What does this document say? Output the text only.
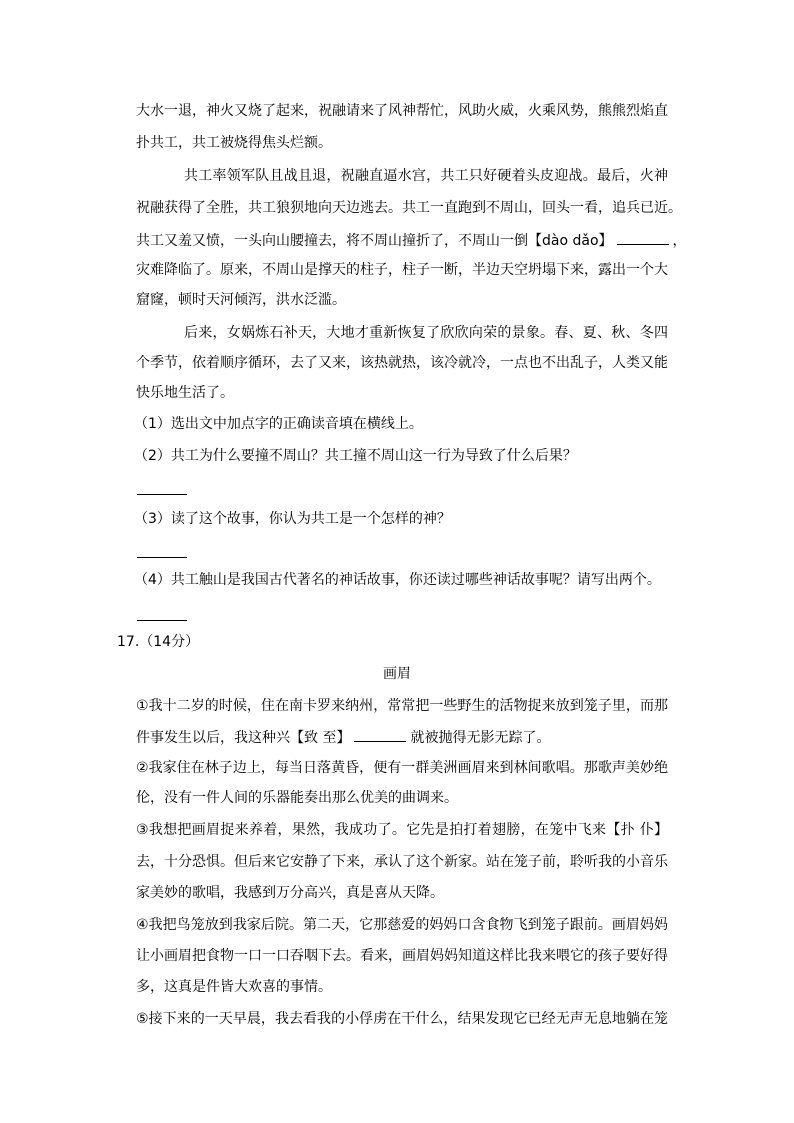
大水一退，神火又烧了起来，祝融请来了风神帮忙，风助火威，火乘风势，熊熊烈焰直
扑共工，共工被烧得焦头烂额。
共工率领军队且战且退，祝融直逼水宫，共工只好硬着头皮迎战。最后，火神
祝融获得了全胜，共工狼狈地向天边逃去。共工一直跑到不周山，回头一看，追兵已近。
共工又羞又愤，一头向山腰撞去，将不周山撞折了，不周山一倒【dào dǎo】	，
灾难降临了。原来，不周山是撑天的柱子，柱子一断，半边天空坍塌下来，露出一个大
窟窿，顿时天河倾泻，洪水泛滥。
后来，女娲炼石补天，大地才重新恢复了欣欣向荣的景象。春、夏、秋、冬四
个季节，依着顺序循环，去了又来，该热就热，该冷就冷，一点也不出乱子，人类又能
快乐地生活了。
（1）选出文中加点字的正确读音填在横线上。
（2）共工为什么要撞不周山？共工撞不周山这一行为导致了什么后果？
（3）读了这个故事，你认为共工是一个怎样的神？
（4）共工触山是我国古代著名的神话故事，你还读过哪些神话故事呢？请写出两个。
17.（14分）
画眉
①我十二岁的时候，住在南卡罗来纳州，常常把一些野生的活物捉来放到笼子里，而那
件事发生以后，我这种兴【致 至】	就被抛得无影无踪了。
②我家住在林子边上，每当日落黄昏，便有一群美洲画眉来到林间歌唱。那歌声美妙绝
伦，没有一件人间的乐器能奏出那么优美的曲调来。
③我想把画眉捉来养着，果然，我成功了。它先是拍打着翅膀，在笼中飞来【扑 仆】
去，十分恐惧。但后来它安静了下来，承认了这个新家。站在笼子前，聆听我的小音乐
家美妙的歌唱，我感到万分高兴，真是喜从天降。
④我把鸟笼放到我家后院。第二天，它那慈爱的妈妈口含食物飞到笼子跟前。画眉妈妈
让小画眉把食物一口一口吞咽下去。看来，画眉妈妈知道这样比我来喂它的孩子要好得
多，这真是件皆大欢喜的事情。
⑤接下来的一天早晨，我去看我的小俘虏在干什么，结果发现它已经无声无息地躺在笼
